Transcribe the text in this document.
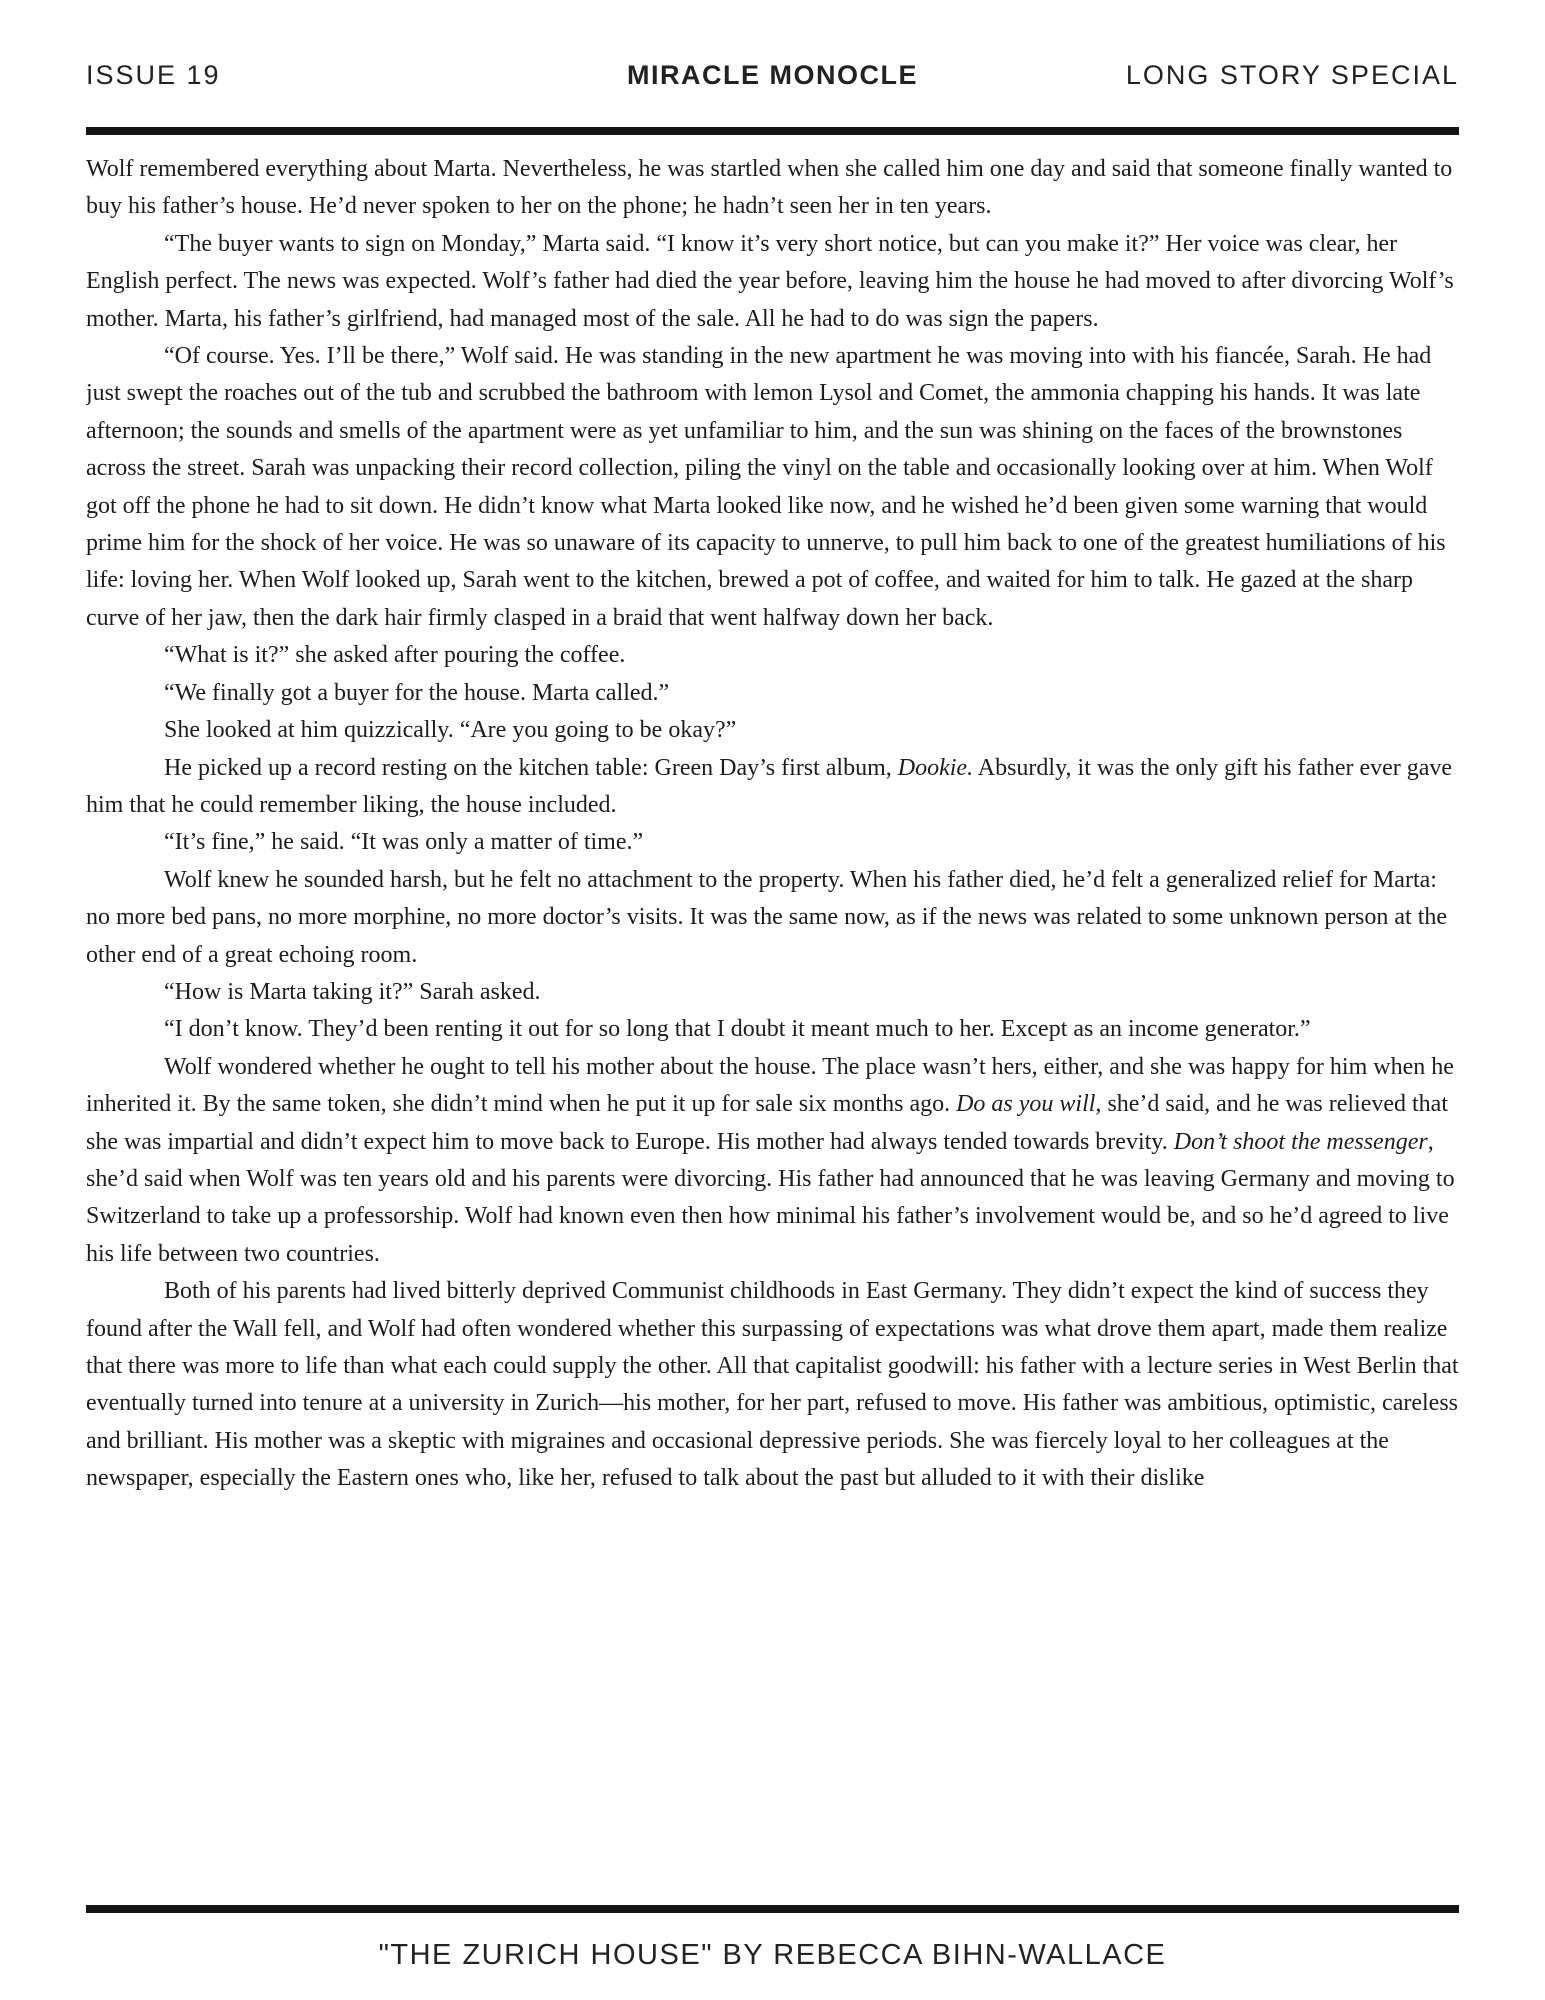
ISSUE 19	MIRACLE MONOCLE	LONG STORY SPECIAL

Wolf remembered everything about Marta. Nevertheless, he was startled when she called him one day and said that someone finally wanted to buy his father’s house. He’d never spoken to her on the phone; he hadn’t seen her in ten years.

“The buyer wants to sign on Monday,” Marta said. “I know it’s very short notice, but can you make it?” Her voice was clear, her English perfect. The news was expected. Wolf’s father had died the year before, leaving him the house he had moved to after divorcing Wolf’s mother. Marta, his father’s girlfriend, had managed most of the sale. All he had to do was sign the papers.

“Of course. Yes. I’ll be there,” Wolf said. He was standing in the new apartment he was moving into with his fiancée, Sarah. He had just swept the roaches out of the tub and scrubbed the bathroom with lemon Lysol and Comet, the ammonia chapping his hands. It was late afternoon; the sounds and smells of the apartment were as yet unfamiliar to him, and the sun was shining on the faces of the brownstones across the street. Sarah was unpacking their record collection, piling the vinyl on the table and occasionally looking over at him. When Wolf got off the phone he had to sit down. He didn’t know what Marta looked like now, and he wished he’d been given some warning that would prime him for the shock of her voice. He was so unaware of its capacity to unnerve, to pull him back to one of the greatest humiliations of his life: loving her. When Wolf looked up, Sarah went to the kitchen, brewed a pot of coffee, and waited for him to talk. He gazed at the sharp curve of her jaw, then the dark hair firmly clasped in a braid that went halfway down her back.

“What is it?” she asked after pouring the coffee.

“We finally got a buyer for the house. Marta called.”

She looked at him quizzically. “Are you going to be okay?”

He picked up a record resting on the kitchen table: Green Day’s first album, Dookie. Absurdly, it was the only gift his father ever gave him that he could remember liking, the house included.

“It’s fine,” he said. “It was only a matter of time.”

Wolf knew he sounded harsh, but he felt no attachment to the property. When his father died, he’d felt a generalized relief for Marta: no more bed pans, no more morphine, no more doctor’s visits. It was the same now, as if the news was related to some unknown person at the other end of a great echoing room.

“How is Marta taking it?” Sarah asked.

“I don’t know. They’d been renting it out for so long that I doubt it meant much to her. Except as an income generator.”

Wolf wondered whether he ought to tell his mother about the house. The place wasn’t hers, either, and she was happy for him when he inherited it. By the same token, she didn’t mind when he put it up for sale six months ago. Do as you will, she’d said, and he was relieved that she was impartial and didn’t expect him to move back to Europe. His mother had always tended towards brevity. Don’t shoot the messenger, she’d said when Wolf was ten years old and his parents were divorcing. His father had announced that he was leaving Germany and moving to Switzerland to take up a professorship. Wolf had known even then how minimal his father’s involvement would be, and so he’d agreed to live his life between two countries.

Both of his parents had lived bitterly deprived Communist childhoods in East Germany. They didn’t expect the kind of success they found after the Wall fell, and Wolf had often wondered whether this surpassing of expectations was what drove them apart, made them realize that there was more to life than what each could supply the other. All that capitalist goodwill: his father with a lecture series in West Berlin that eventually turned into tenure at a university in Zurich—his mother, for her part, refused to move. His father was ambitious, optimistic, careless and brilliant. His mother was a skeptic with migraines and occasional depressive periods. She was fiercely loyal to her colleagues at the newspaper, especially the Eastern ones who, like her, refused to talk about the past but alluded to it with their dislike

"THE ZURICH HOUSE" BY REBECCA BIHN-WALLACE
